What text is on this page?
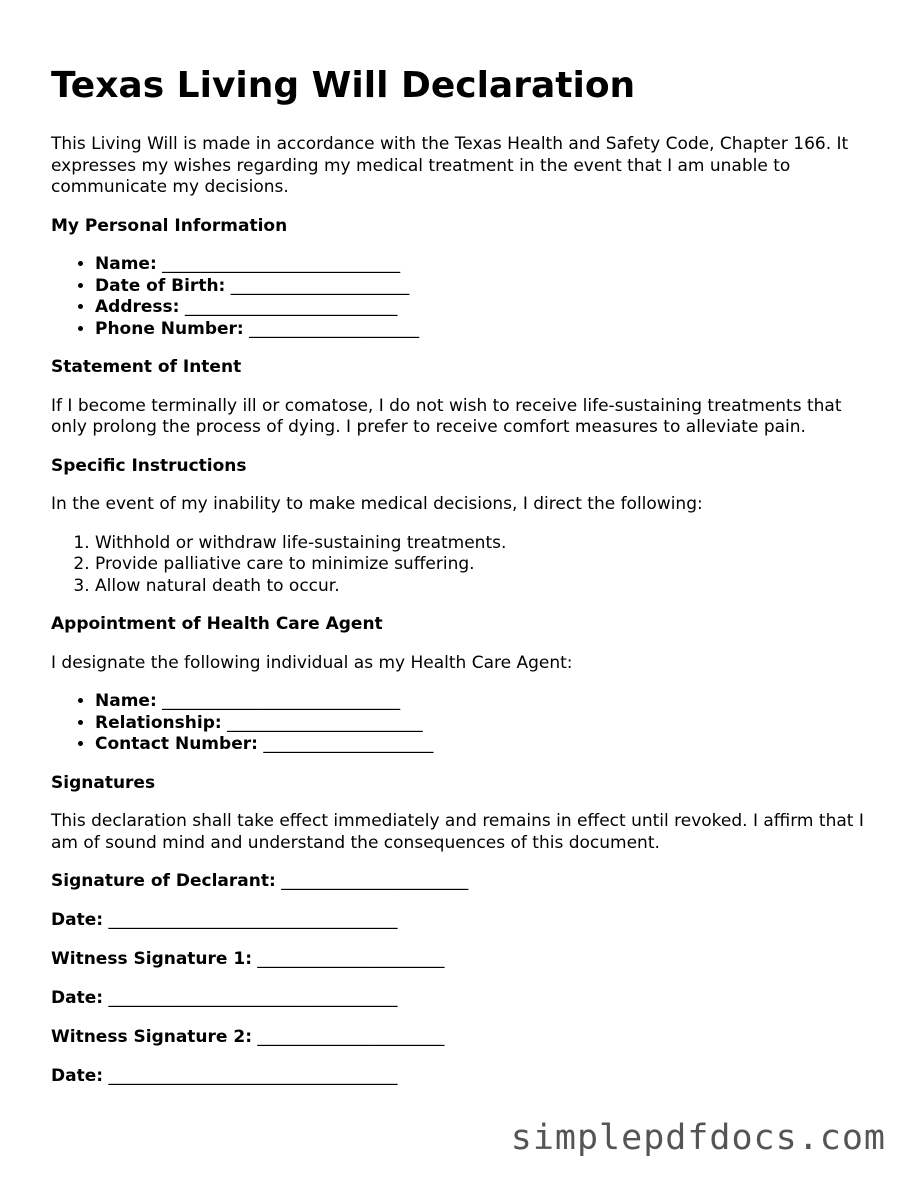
Texas Living Will Declaration

This Living Will is made in accordance with the Texas Health and Safety Code, Chapter 166. It expresses my wishes regarding my medical treatment in the event that I am unable to communicate my decisions.

My Personal Information
• Name: ____________________________
• Date of Birth: _____________________
• Address: _________________________
• Phone Number: ____________________
Statement of Intent

If I become terminally ill or comatose, I do not wish to receive life-sustaining treatments that only prolong the process of dying. I prefer to receive comfort measures to alleviate pain.

Specific Instructions

In the event of my inability to make medical decisions, I direct the following:

1. Withhold or withdraw life-sustaining treatments.
2. Provide palliative care to minimize suffering.
3. Allow natural death to occur.
Appointment of Health Care Agent

I designate the following individual as my Health Care Agent:

• Name: ____________________________
• Relationship: _______________________
• Contact Number: ____________________
Signatures

This declaration shall take effect immediately and remains in effect until revoked. I affirm that I am of sound mind and understand the consequences of this document.

Signature of Declarant: ______________________
Date: __________________________________
Witness Signature 1: ______________________
Date: __________________________________
Witness Signature 2: ______________________
Date: __________________________________
simplepdfdocs.com
